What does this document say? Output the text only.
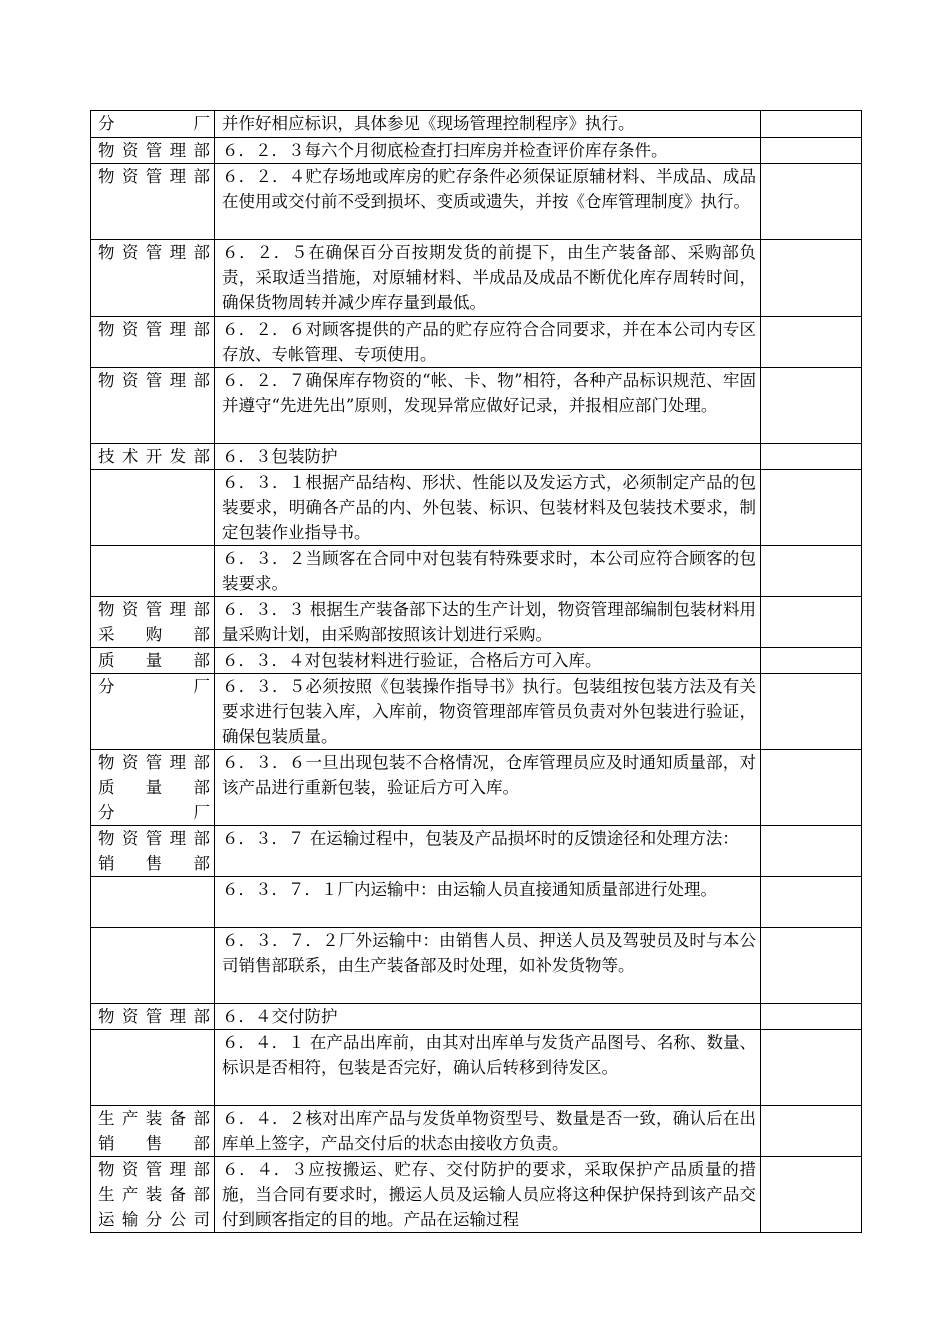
分厂	并作好相应标识，具体参见《现场管理控制程序》执行。	

物资管理部	６．２．３每六个月彻底检查打扫库房并检查评价库存条件。	

物资管理部	６．２．４贮存场地或库房的贮存条件必须保证原辅材料、半成品、成品在使用或交付前不受到损坏、变质或遗失，并按《仓库管理制度》执行。	

物资管理部	６．２．５在确保百分百按期发货的前提下，由生产装备部、采购部负责，采取适当措施，对原辅材料、半成品及成品不断优化库存周转时间，确保货物周转并减少库存量到最低。	

物资管理部	６．２．６对顾客提供的产品的贮存应符合合同要求，并在本公司内专区存放、专帐管理、专项使用。	

物资管理部	６．２．７确保库存物资的“帐、卡、物”相符，各种产品标识规范、牢固并遵守“先进先出”原则，发现异常应做好记录，并报相应部门处理。	

技术开发部	６．３包装防护	
	６．３．１根据产品结构、形状、性能以及发运方式，必须制定产品的包装要求，明确各产品的内、外包装、标识、包装材料及包装技术要求，制定包装作业指导书。	
	６．３．２当顾客在合同中对包装有特殊要求时，本公司应符合顾客的包装要求。	

物资管理部
采购部	６．３．３ 根据生产装备部下达的生产计划，物资管理部编制包装材料用量采购计划，由采购部按照该计划进行采购。	

质量部	６．３．４对包装材料进行验证，合格后方可入库。	

分厂	６．３．５必须按照《包装操作指导书》执行。包装组按包装方法及有关要求进行包装入库，入库前，物资管理部库管员负责对外包装进行验证，确保包装质量。	

物资管理部
质量部
分厂	６．３．６一旦出现包装不合格情况，仓库管理员应及时通知质量部，对该产品进行重新包装，验证后方可入库。	

物资管理部
销售部	６．３．７ 在运输过程中，包装及产品损坏时的反馈途径和处理方法：	
	６．３．７．１厂内运输中：由运输人员直接通知质量部进行处理。	
	６．３．７．２厂外运输中：由销售人员、押送人员及驾驶员及时与本公司销售部联系，由生产装备部及时处理，如补发货物等。	

物资管理部	６．４交付防护	
	６．４．１ 在产品出库前，由其对出库单与发货产品图号、名称、数量、标识是否相符，包装是否完好，确认后转移到待发区。	

生产装备部
销售部	６．４．２核对出库产品与发货单物资型号、数量是否一致，确认后在出库单上签字，产品交付后的状态由接收方负责。	

物资管理部
生产装备部
运输分公司	６．４．３应按搬运、贮存、交付防护的要求，采取保护产品质量的措施，当合同有要求时，搬运人员及运输人员应将这种保护保持到该产品交付到顾客指定的目的地。产品在运输过程	
